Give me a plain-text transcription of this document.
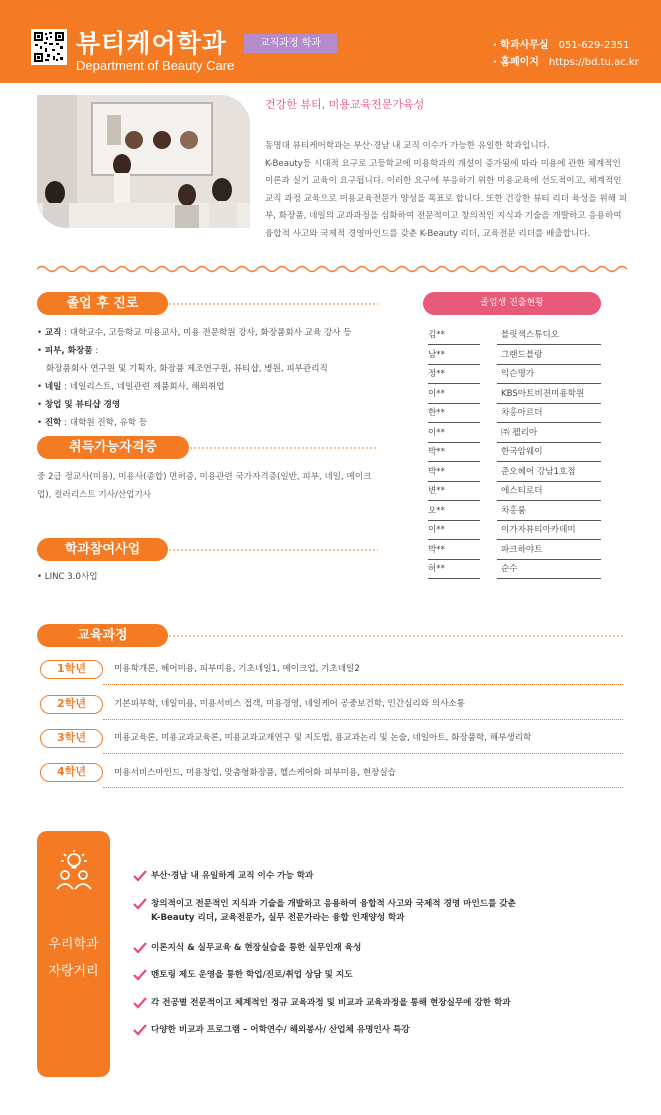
뷰티케어학과
Department of Beauty Care
교직과정 학과	· 학과사무실 051-629-2351
· 홈페이지 https://bd.tu.ac.kr
건강한 뷰티, 미용교육전문가육성
동명대 뷰티케어학과는 부산·경남 내 교직 이수가 가능한 유일한 학과입니다.
K-Beauty등 시대적 요구로 고등학교에 미용학과의 개설이 증가됨에 따라 미용에 관한 체계적인 이론과 실기 교육이 요구됩니다. 이러한 요구에 부응하기 위한 미용교육에 선도적이고, 체계적인 교직 과정 교육으로 미용교육전문가 양성을 목표로 합니다. 또한 건강한 뷰티 리더 육성을 위해 피부, 화장품, 네일의 교과과정을 심화하여 전문적이고 창의적인 지식과 기술을 개발하고 응용하여 융합적 사고와 국제적 경영마인드를 갖춘 K-Beauty 리더, 교육전문 리더를 배출합니다.
졸업 후 진로
• 교직 : 대학교수, 고등학교 미용교사, 미용 전문학원 강사, 화장품회사 교육 강사 등
• 피부, 화장품 :
화장품회사 연구원 및 기획자, 화장품 제조연구원, 뷰티샵, 병원, 피부관리직
• 네일 : 네일리스트, 네일관련 제품회사, 해외취업
• 창업 및 뷰티샵 경영
• 진학 : 대학원 진학, 유학 등
취득가능자격증
중 2급 정교사(미용), 미용사(종합) 면허증, 미용관련 국가자격증(일반, 피부, 네일, 메이크업), 컬러리스트 기사/산업기사
학과참여사업
• LINC 3.0사업
졸업생 진출현황
김**	블릿색스튜디오
남**	그랜드블랑
정**	익슨명가
이**	KBS아트비젼미용학원
한**	차홍아르더
이**	㈜ 펠리아
박**	한국암웨이
박**	준오헤어 강남1호점
변**	에스티로더
오**	차홍룸
이**	이가자뷰티아카데미
박**	파크하야트
허**	순수
교육과정
1학년	미용학개론, 헤어미용, 피부미용, 기초네일1, 메이크업, 기초네일2
2학년	기본피부학, 네일미용, 미용서비스 접객, 미용경영, 네일케어 공중보건학, 인간심리와 의사소통
3학년	미용교육론, 미용교과교육론, 미용교과교재연구 및 지도법, 용교과논리 및 논술, 네일아트, 화장품학, 해부생리학
4학년	미용서비스마인드, 미용창업, 맞춤형화장품, 헬스케어화 피부미용, 현장실습
우리학과
자랑거리
부산·경남 내 유일하게 교직 이수 가능 학과
창의적이고 전문적인 지식과 기술을 개발하고 응용하여 융합적 사고와 국제적 경영 마인드를 갖춘
K-Beauty 리더, 교육전문가, 실무 전문가라는 융합 인재양성 학과
이론지식 & 실무교육 & 현장실습을 통한 실무인재 육성
멘토링 제도 운영을 통한 학업/진로/취업 상담 및 지도
각 전공별 전문적이고 체계적인 정규 교육과정 및 비교과 교육과정을 통해 현장실무에 강한 학과
다양한 비교과 프로그램 – 어학연수/ 해외봉사/ 산업체 유명인사 특강
